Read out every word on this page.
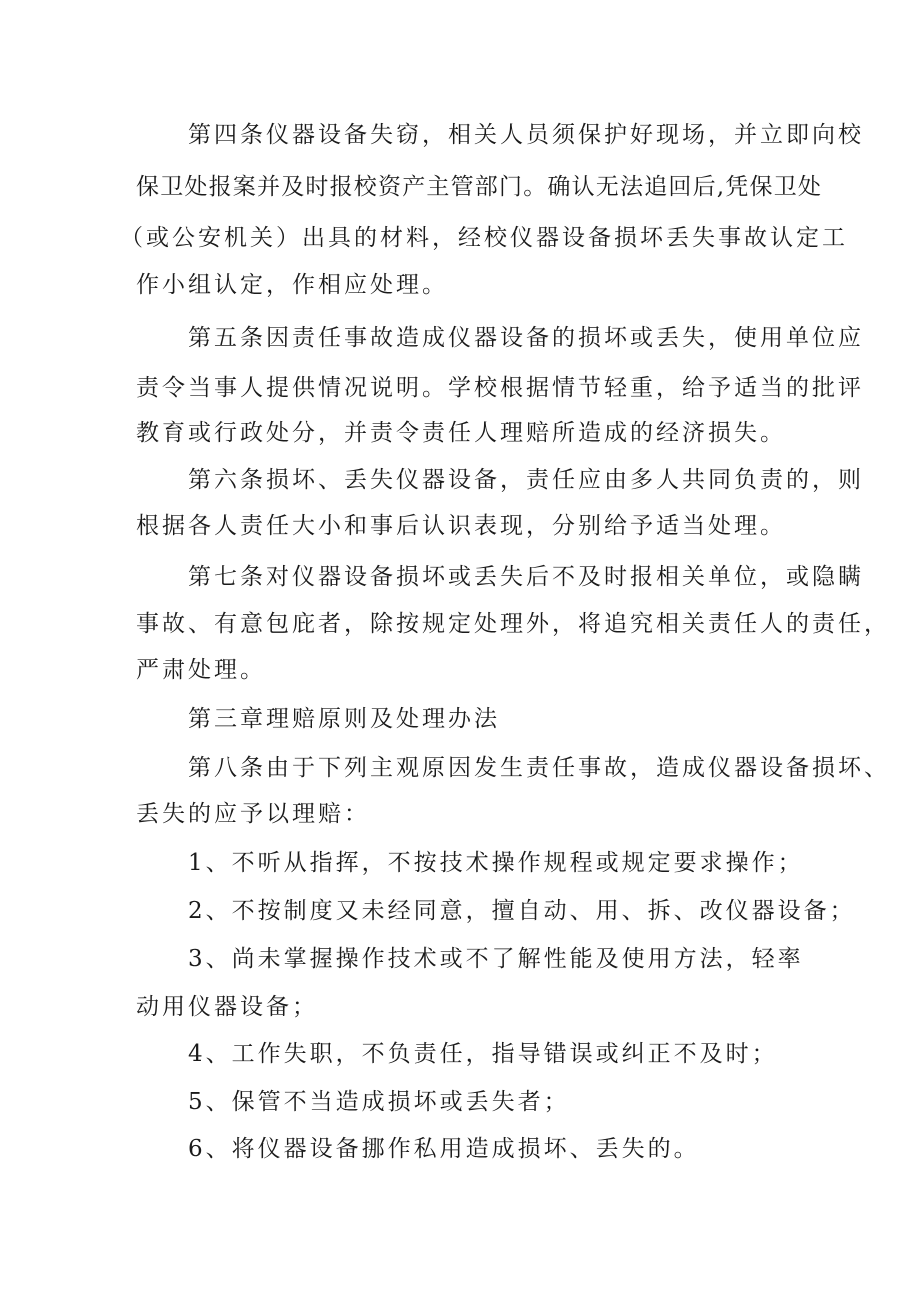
第四条仪器设备失窃，相关人员须保护好现场，并立即向校
保卫处报案并及时报校资产主管部门。确认无法追回后,凭保卫处
（或公安机关）出具的材料，经校仪器设备损坏丢失事故认定工
作小组认定，作相应处理。
第五条因责任事故造成仪器设备的损坏或丢失，使用单位应
责令当事人提供情况说明。学校根据情节轻重，给予适当的批评
教育或行政处分，并责令责任人理赔所造成的经济损失。
第六条损坏、丢失仪器设备，责任应由多人共同负责的，则
根据各人责任大小和事后认识表现，分别给予适当处理。
第七条对仪器设备损坏或丢失后不及时报相关单位，或隐瞒
事故、有意包庇者，除按规定处理外，将追究相关责任人的责任，
严肃处理。
第三章理赔原则及处理办法
第八条由于下列主观原因发生责任事故，造成仪器设备损坏、
丢失的应予以理赔：
1、不听从指挥，不按技术操作规程或规定要求操作；
2、不按制度又未经同意，擅自动、用、拆、改仪器设备；
3、尚未掌握操作技术或不了解性能及使用方法，轻率
动用仪器设备；
4、工作失职，不负责任，指导错误或纠正不及时；
5、保管不当造成损坏或丢失者；
6、将仪器设备挪作私用造成损坏、丢失的。
